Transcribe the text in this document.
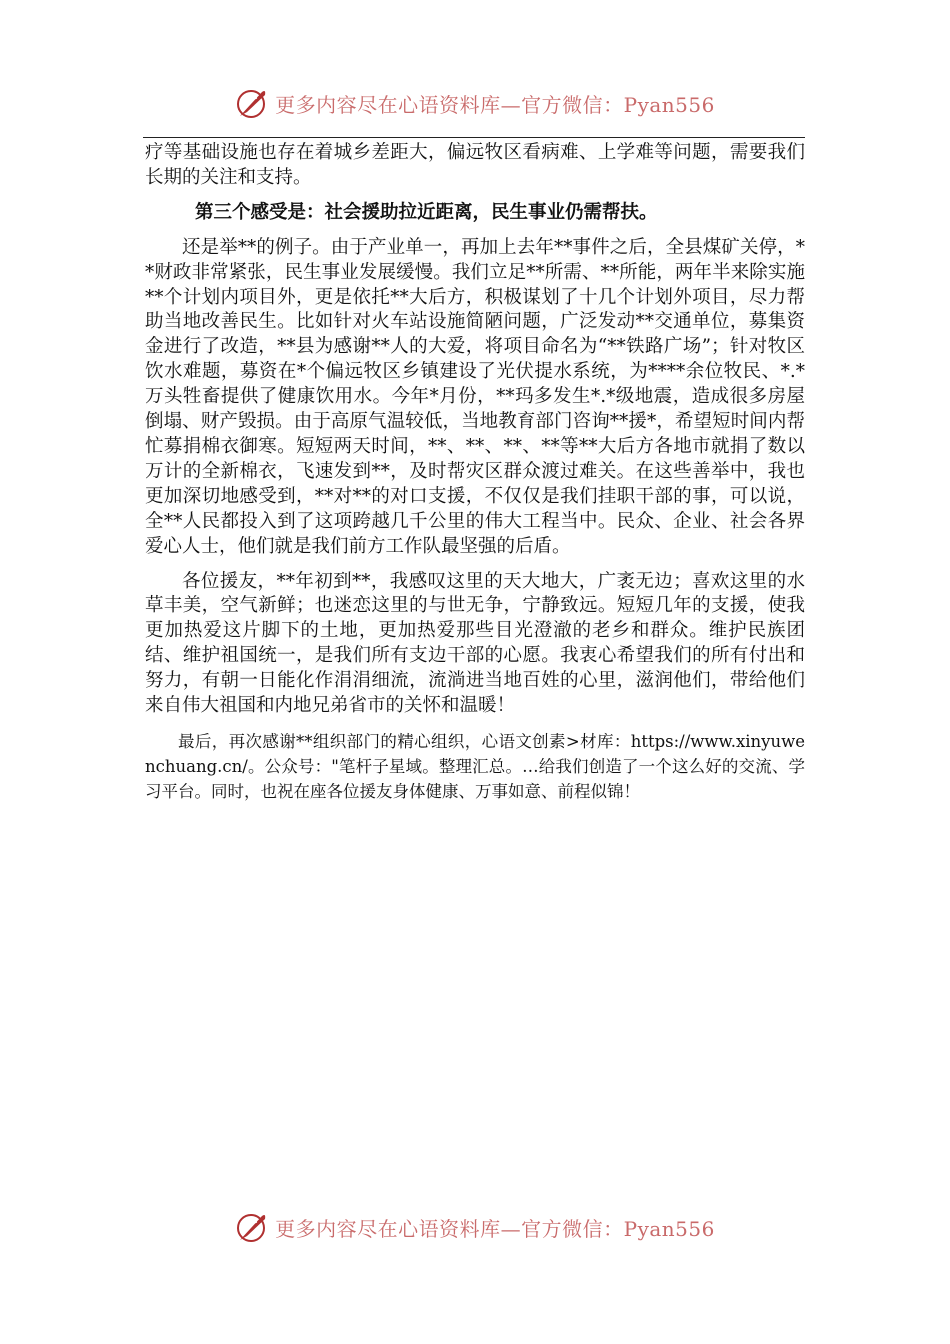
更多内容尽在心语资料库—官方微信：Pyan556

疗等基础设施也存在着城乡差距大，偏远牧区看病难、上学难等问题，需要我们长期的关注和支持。

第三个感受是：社会援助拉近距离，民生事业仍需帮扶。

还是举**的例子。由于产业单一，再加上去年**事件之后，全县煤矿关停，**财政非常紧张，民生事业发展缓慢。我们立足**所需、**所能，两年半来除实施**个计划内项目外，更是依托**大后方，积极谋划了十几个计划外项目，尽力帮助当地改善民生。比如针对火车站设施简陋问题，广泛发动**交通单位，募集资金进行了改造，**县为感谢**人的大爱，将项目命名为“**铁路广场”；针对牧区饮水难题，募资在*个偏远牧区乡镇建设了光伏提水系统，为****余位牧民、*.*万头牲畜提供了健康饮用水。今年*月份，**玛多发生*.*级地震，造成很多房屋倒塌、财产毁损。由于高原气温较低，当地教育部门咨询**援*，希望短时间内帮忙募捐棉衣御寒。短短两天时间，**、**、**、**等**大后方各地市就捐了数以万计的全新棉衣，飞速发到**，及时帮灾区群众渡过难关。在这些善举中，我也更加深切地感受到，**对**的对口支援，不仅仅是我们挂职干部的事，可以说，全**人民都投入到了这项跨越几千公里的伟大工程当中。民众、企业、社会各界爱心人士，他们就是我们前方工作队最坚强的后盾。

各位援友，**年初到**，我感叹这里的天大地大，广袤无边；喜欢这里的水草丰美，空气新鲜；也迷恋这里的与世无争，宁静致远。短短几年的支援，使我更加热爱这片脚下的土地，更加热爱那些目光澄澈的老乡和群众。维护民族团结、维护祖国统一，是我们所有支边干部的心愿。我衷心希望我们的所有付出和努力，有朝一日能化作涓涓细流，流淌进当地百姓的心里，滋润他们，带给他们来自伟大祖国和内地兄弟省市的关怀和温暖！

最后，再次感谢**组织部门的精心组织，心语文创素>材库：https://www.xinyuwenchuang.cn/。公众号："笔杆子星域。整理汇总。…给我们创造了一个这么好的交流、学习平台。同时，也祝在座各位援友身体健康、万事如意、前程似锦！

更多内容尽在心语资料库—官方微信：Pyan556
